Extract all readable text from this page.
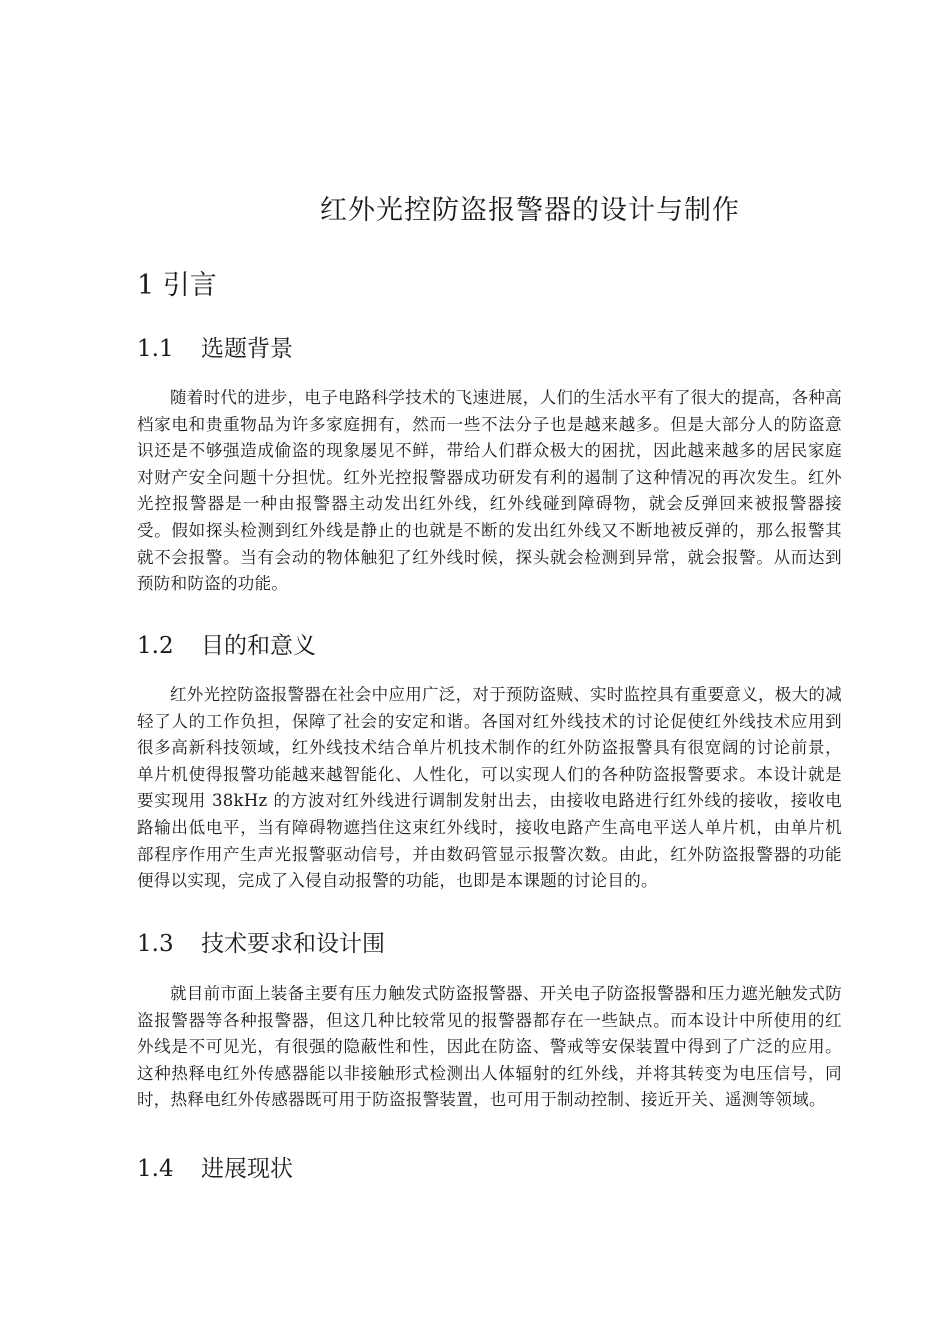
红外光控防盗报警器的设计与制作
1 引言
1.1 选题背景

随着时代的进步，电子电路科学技术的飞速进展，人们的生活水平有了很大的提高，各种高档家电和贵重物品为许多家庭拥有，然而一些不法分子也是越来越多。但是大部分人的防盗意识还是不够强造成偷盗的现象屡见不鲜，带给人们群众极大的困扰，因此越来越多的居民家庭对财产安全问题十分担忧。红外光控报警器成功研发有利的遏制了这种情况的再次发生。红外光控报警器是一种由报警器主动发出红外线，红外线碰到障碍物，就会反弹回来被报警器接受。假如探头检测到红外线是静止的也就是不断的发出红外线又不断地被反弹的，那么报警其就不会报警。当有会动的物体触犯了红外线时候，探头就会检测到异常，就会报警。从而达到预防和防盗的功能。

1.2 目的和意义

红外光控防盗报警器在社会中应用广泛，对于预防盗贼、实时监控具有重要意义，极大的减轻了人的工作负担，保障了社会的安定和谐。各国对红外线技术的讨论促使红外线技术应用到很多高新科技领域，红外线技术结合单片机技术制作的红外防盗报警具有很宽阔的讨论前景，单片机使得报警功能越来越智能化、人性化，可以实现人们的各种防盗报警要求。本设计就是要实现用 38kHz 的方波对红外线进行调制发射出去，由接收电路进行红外线的接收，接收电路输出低电平，当有障碍物遮挡住这束红外线时，接收电路产生高电平送人单片机，由单片机部程序作用产生声光报警驱动信号，并由数码管显示报警次数。由此，红外防盗报警器的功能便得以实现，完成了入侵自动报警的功能，也即是本课题的讨论目的。

1.3 技术要求和设计围

就目前市面上装备主要有压力触发式防盗报警器、开关电子防盗报警器和压力遮光触发式防盗报警器等各种报警器，但这几种比较常见的报警器都存在一些缺点。而本设计中所使用的红外线是不可见光，有很强的隐蔽性和性，因此在防盗、警戒等安保装置中得到了广泛的应用。这种热释电红外传感器能以非接触形式检测出人体辐射的红外线，并将其转变为电压信号，同时，热释电红外传感器既可用于防盗报警装置，也可用于制动控制、接近开关、遥测等领域。

1.4 进展现状
